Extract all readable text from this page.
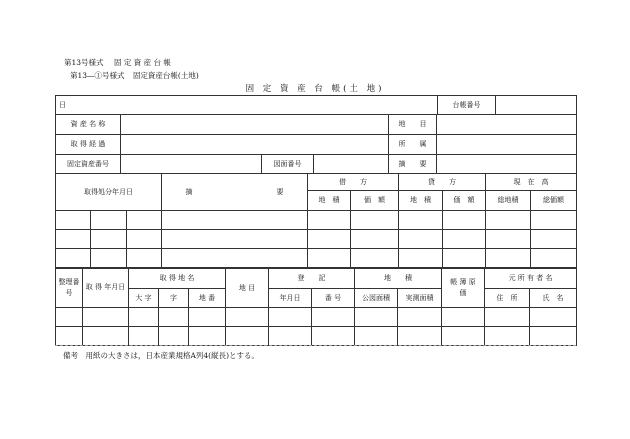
第13号様式 固 定 資 産 台 帳
第13―①号様式 固定資産台帳(土地)
固 定 資 産 台 帳(土 地)
日		台帳番号	
資 産 名 称				地　　目	
取 得 経 過				所　　属	
固定資産番号		図面番号		摘　　要	
取得処分年月日			摘 要	借　　方		貸　　方		現　在　高	
				地　積	価　額	地　積	価　額	総地積	総価額

整理番号	取 得 年月日	取 得 地 名			地 目	登　　記		地　　積		帳 簿 原 価	元 所 有 者 名	
		大 字	字	地 番		年月日	番 号	公図面積	実測面積		住　所	氏　名

備考　用紙の大きさは，日本産業規格A列4(縦長)とする。
